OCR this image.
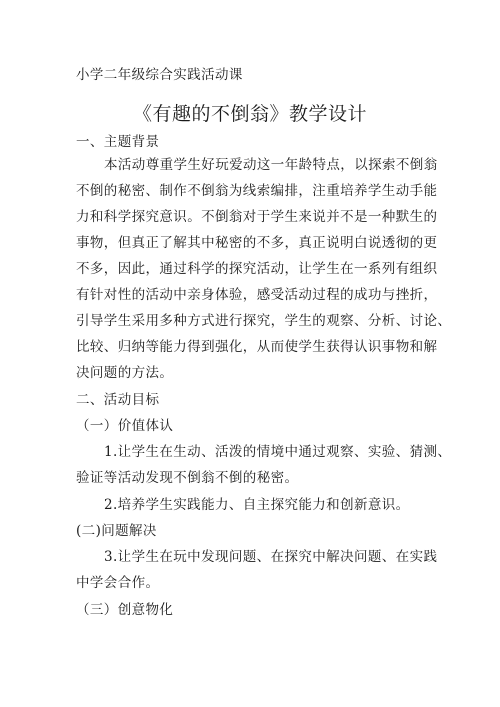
小学二年级综合实践活动课
《有趣的不倒翁》教学设计
一、主题背景
本活动尊重学生好玩爱动这一年龄特点，以探索不倒翁
不倒的秘密、制作不倒翁为线索编排，注重培养学生动手能
力和科学探究意识。不倒翁对于学生来说并不是一种默生的
事物，但真正了解其中秘密的不多，真正说明白说透彻的更
不多，因此，通过科学的探究活动，让学生在一系列有组织
有针对性的活动中亲身体验，感受活动过程的成功与挫折，
引导学生采用多种方式进行探究，学生的观察、分析、讨论、
比较、归纳等能力得到强化，从而使学生获得认识事物和解
决问题的方法。
二、活动目标
（一）价值体认
1.让学生在生动、活泼的情境中通过观察、实验、猜测、
验证等活动发现不倒翁不倒的秘密。
2.培养学生实践能力、自主探究能力和创新意识。
(二)问题解决
3.让学生在玩中发现问题、在探究中解决问题、在实践
中学会合作。
（三）创意物化
